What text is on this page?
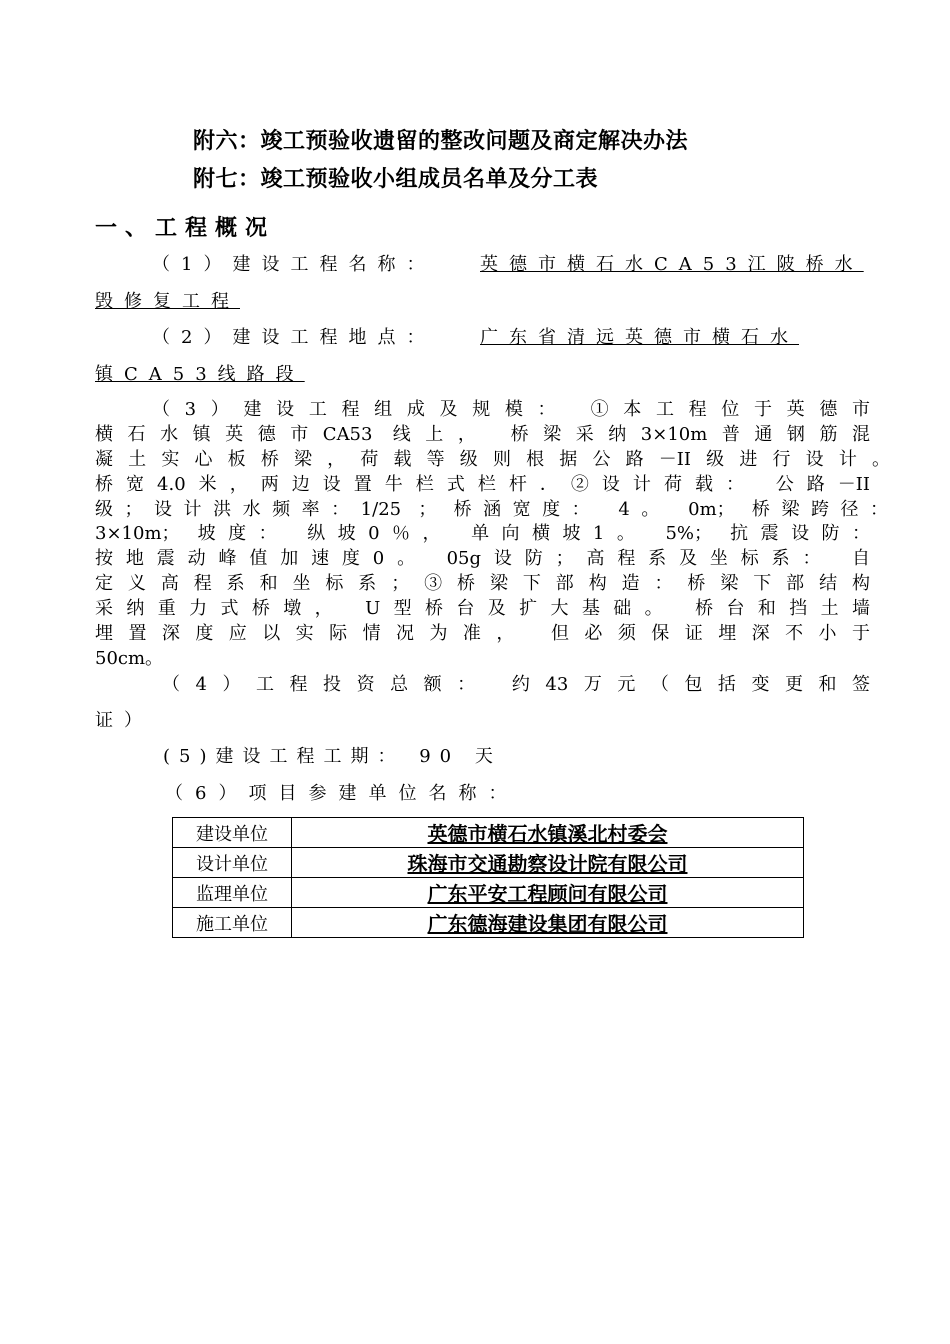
附六：竣工预验收遗留的整改问题及商定解决办法
附七：竣工预验收小组成员名单及分工表
一、工程概况
（1）建设工程名称： 英德市横石水CA53江陂桥水
毁修复工程
（2）建设工程地点： 广东省清远英德市横石水
镇CA53线路段
（3）建设工程组成及规模： ①本工程位于英德市
横石水镇英德市CA53 线上， 桥梁采纳3×10m普通钢筋混
凝土实心板桥梁，荷载等级则根据公路－II级进行设计。
桥宽4.0米，两边设置牛栏式栏杆．②设计荷载： 公路－II
级；设计洪水频率：1/25 ； 桥涵宽度： 4。 0m； 桥梁跨径：
3×10m； 坡度： 纵坡0％， 单向横坡1。 5%； 抗震设防：
按地震动峰值加速度0。 05g设防；高程系及坐标系： 自
定义高程系和坐标系；③桥梁下部构造：桥梁下部结构
采纳重力式桥墩， U型桥台及扩大基础。 桥台和挡土墙
埋置深度应以实际情况为准， 但必须保证埋深不小于
50cm。
（4）工程投资总额： 约43万元（包括变更和签
证）
(5)建设工程工期： 90 天
（6）项目参建单位名称：
建设单位	英德市横石水镇溪北村委会
设计单位	珠海市交通勘察设计院有限公司
监理单位	广东平安工程顾问有限公司
施工单位	广东德海建设集团有限公司
